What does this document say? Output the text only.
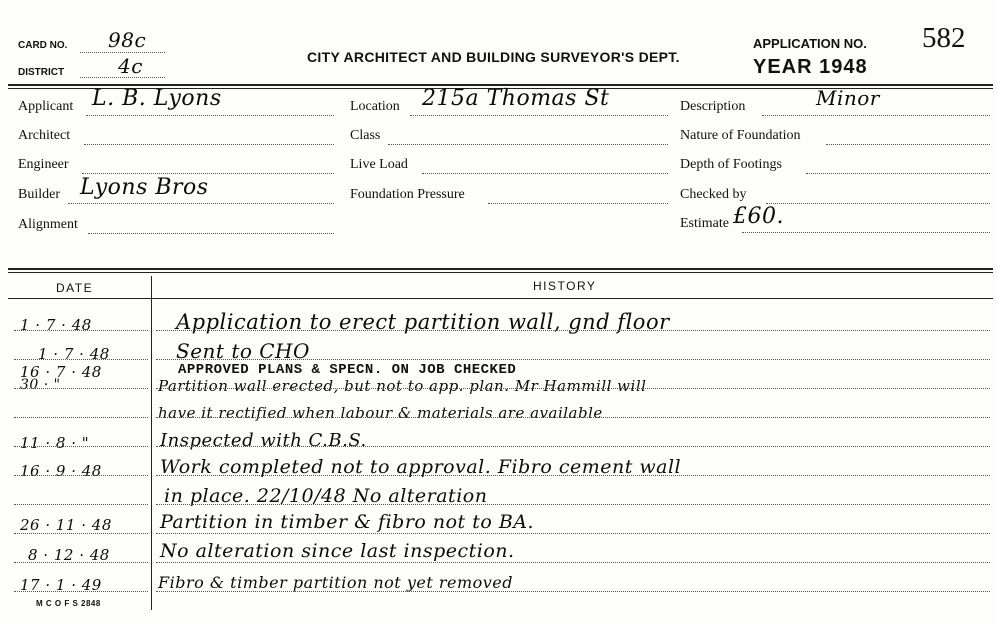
CARD NO. 98c
DISTRICT	4c	CITY ARCHITECT AND BUILDING SURVEYOR'S DEPT.
APPLICATION NO. 582
YEAR 1948
Applicant L. B. Lyons
Architect
Engineer
Builder Lyons Bros
Alignment
Location 215a Thomas St
Class
Live Load
Foundation Pressure
Description	Minor
Nature of Foundation
Depth of Footings
Checked by
Estimate £60.
DATE	HISTORY
1 · 7 · 48	Application to erect partition wall, gnd floor
1 · 7 · 48	Sent to CHO
16 · 7 · 48	APPROVED PLANS & SPECN. ON JOB CHECKED
30 · "	Partition wall erected, but not to app. plan. Mr Hammill will
have it rectified when labour & materials are available
11 · 8 · "	Inspected with C.B.S.
16 · 9 · 48	Work completed not to approval. Fibro cement wall
in place. 22/10/48 No alteration
26 · 11 · 48	Partition in timber & fibro not to BA.
8 · 12 · 48	No alteration since last inspection.
17 · 1 · 49	Fibro & timber partition not yet removed
M C O F S 2848
